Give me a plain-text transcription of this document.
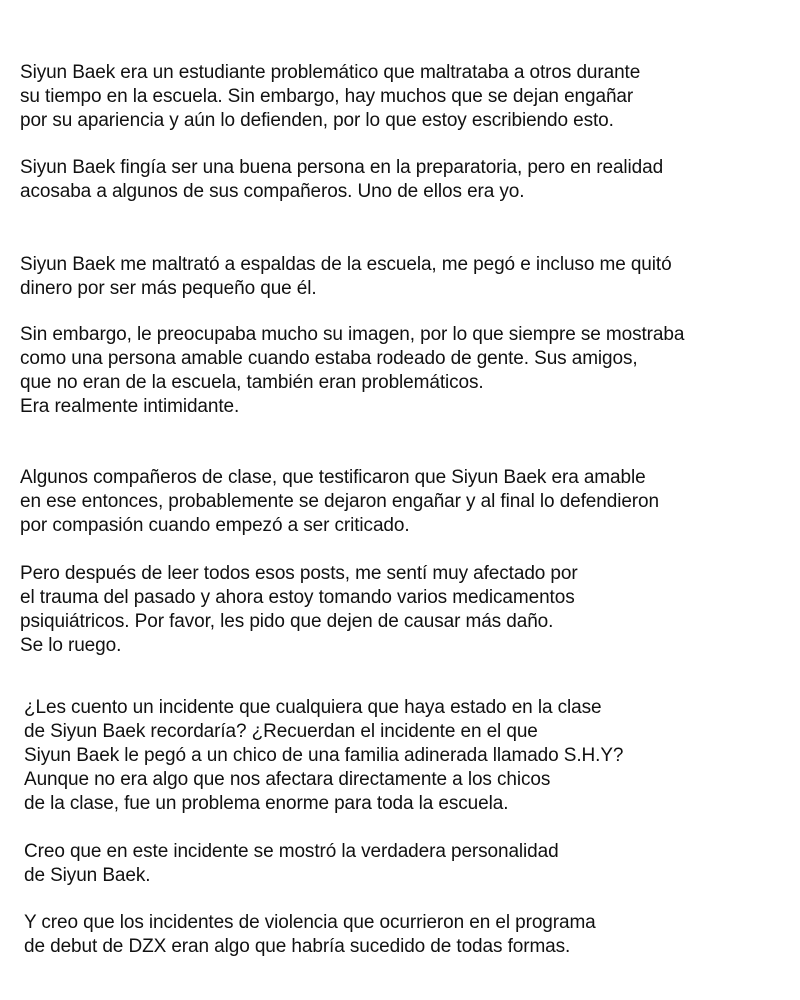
Siyun Baek era un estudiante problemático que maltrataba a otros durante
su tiempo en la escuela. Sin embargo, hay muchos que se dejan engañar
por su apariencia y aún lo defienden, por lo que estoy escribiendo esto.

Siyun Baek fingía ser una buena persona en la preparatoria, pero en realidad
acosaba a algunos de sus compañeros. Uno de ellos era yo.

Siyun Baek me maltrató a espaldas de la escuela, me pegó e incluso me quitó
dinero por ser más pequeño que él.

Sin embargo, le preocupaba mucho su imagen, por lo que siempre se mostraba
como una persona amable cuando estaba rodeado de gente. Sus amigos,
que no eran de la escuela, también eran problemáticos.
Era realmente intimidante.

Algunos compañeros de clase, que testificaron que Siyun Baek era amable
en ese entonces, probablemente se dejaron engañar y al final lo defendieron
por compasión cuando empezó a ser criticado.

Pero después de leer todos esos posts, me sentí muy afectado por
el trauma del pasado y ahora estoy tomando varios medicamentos
psiquiátricos. Por favor, les pido que dejen de causar más daño.
Se lo ruego.

¿Les cuento un incidente que cualquiera que haya estado en la clase
de Siyun Baek recordaría? ¿Recuerdan el incidente en el que
Siyun Baek le pegó a un chico de una familia adinerada llamado S.H.Y?
Aunque no era algo que nos afectara directamente a los chicos
de la clase, fue un problema enorme para toda la escuela.

Creo que en este incidente se mostró la verdadera personalidad
de Siyun Baek.

Y creo que los incidentes de violencia que ocurrieron en el programa
de debut de DZX eran algo que habría sucedido de todas formas.
